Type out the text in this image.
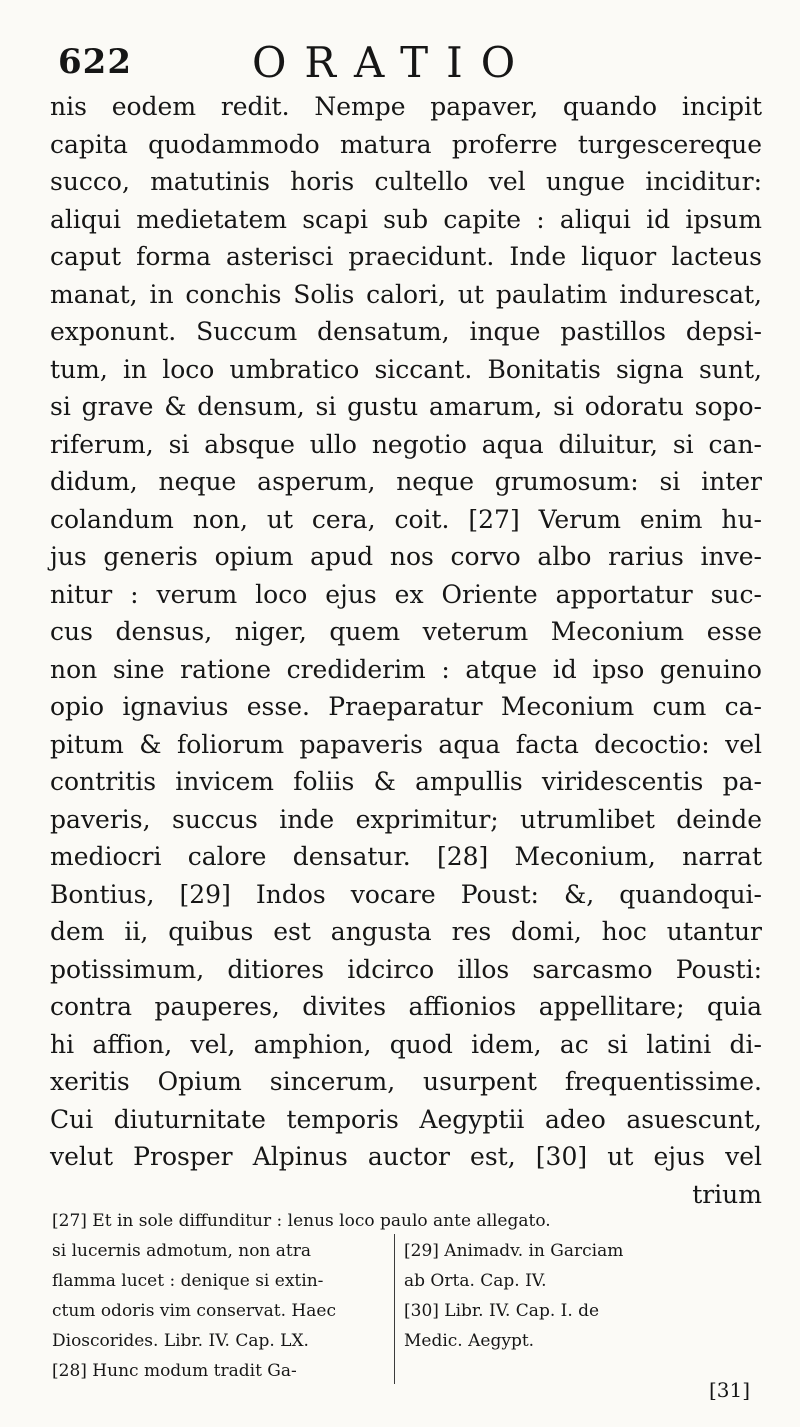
622	ORATIO
nis eodem redit. Nempe papaver, quando incipit
capita quodammodo matura proferre turgescereque
succo, matutinis horis cultello vel ungue inciditur:
aliqui medietatem scapi sub capite : aliqui id ipsum
caput forma asterisci praecidunt. Inde liquor lacteus
manat, in conchis Solis calori, ut paulatim indurescat,
exponunt. Succum densatum, inque pastillos depsi-
tum, in loco umbratico siccant. Bonitatis signa sunt,
si grave & densum, si gustu amarum, si odoratu sopo-
riferum, si absque ullo negotio aqua diluitur, si can-
didum, neque asperum, neque grumosum: si inter
colandum non, ut cera, coit. [27] Verum enim hu-
jus generis opium apud nos corvo albo rarius inve-
nitur : verum loco ejus ex Oriente apportatur suc-
cus densus, niger, quem veterum Meconium esse
non sine ratione crediderim : atque id ipso genuino
opio ignavius esse. Praeparatur Meconium cum ca-
pitum & foliorum papaveris aqua facta decoctio: vel
contritis invicem foliis & ampullis viridescentis pa-
paveris, succus inde exprimitur; utrumlibet deinde
mediocri calore densatur. [28] Meconium, narrat
Bontius, [29] Indos vocare Poust: &, quandoqui-
dem ii, quibus est angusta res domi, hoc utantur
potissimum, ditiores idcirco illos sarcasmo Pousti:
contra pauperes, divites affionios appellitare; quia
hi affion, vel, amphion, quod idem, ac si latini di-
xeritis Opium sincerum, usurpent frequentissime.
Cui diuturnitate temporis Aegyptii adeo asuescunt,
velut Prosper Alpinus auctor est, [30] ut ejus vel
trium
[27] Et in sole diffunditur : lenus loco paulo ante allegato.
si lucernis admotum, non atra
flamma lucet : denique si extin-
ctum odoris vim conservat. Haec
Dioscorides. Libr. IV. Cap. LX.
[28] Hunc modum tradit Ga-
[29] Animadv. in Garciam
ab Orta. Cap. IV.
[30] Libr. IV. Cap. I. de
Medic. Aegypt.
[31]
